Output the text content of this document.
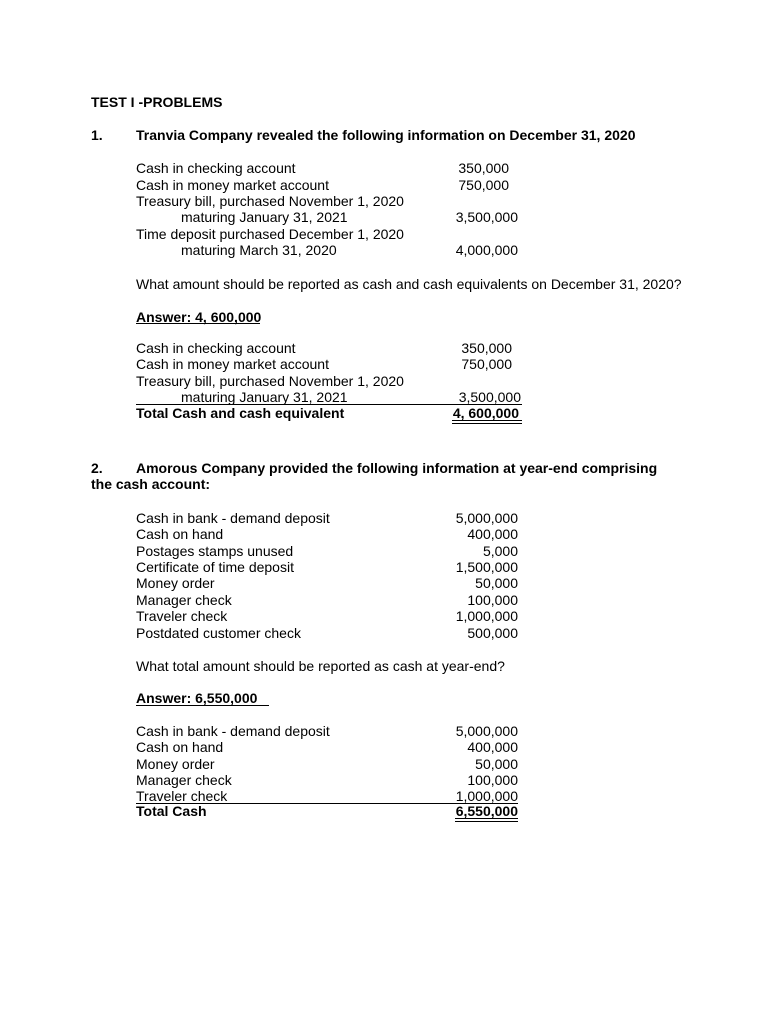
TEST I -PROBLEMS
1. Tranvia Company revealed the following information on December 31, 2020
Cash in checking account	350,000
Cash in money market account	750,000
Treasury bill, purchased November 1, 2020
maturing January 31, 2021	3,500,000
Time deposit purchased December 1, 2020
maturing March 31, 2020	4,000,000
What amount should be reported as cash and cash equivalents on December 31, 2020?
Answer: 4, 600,000
Cash in checking account	350,000
Cash in money market account	750,000
Treasury bill, purchased November 1, 2020
maturing January 31, 2021	3,500,000
Total Cash and cash equivalent	4, 600,000
2. Amorous Company provided the following information at year-end comprising
the cash account:
Cash in bank - demand deposit	5,000,000
Cash on hand	400,000
Postages stamps unused	5,000
Certificate of time deposit	1,500,000
Money order	50,000
Manager check	100,000
Traveler check	1,000,000
Postdated customer check	500,000
What total amount should be reported as cash at year-end?
Answer: 6,550,000
Cash in bank - demand deposit	5,000,000
Cash on hand	400,000
Money order	50,000
Manager check	100,000
Traveler check	1,000,000
Total Cash	6,550,000
